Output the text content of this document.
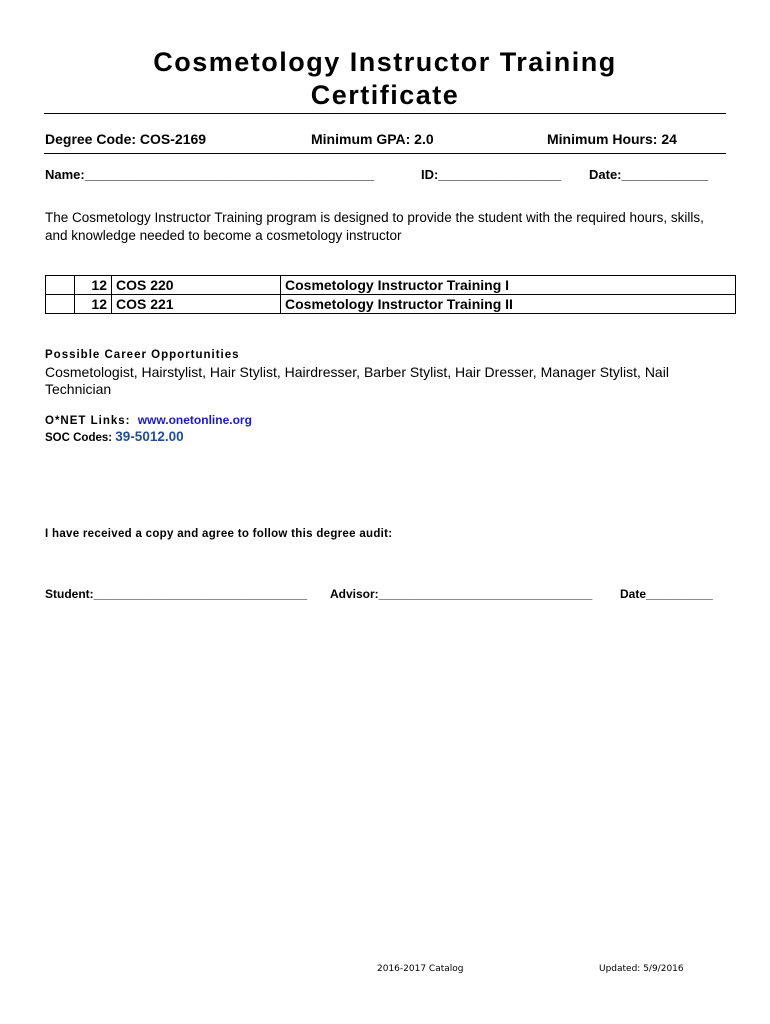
Cosmetology Instructor Training
Certificate
Degree Code: COS-2169	Minimum GPA: 2.0	Minimum Hours: 24
Name:________________________________________	ID:_________________ Date:____________
The Cosmetology Instructor Training program is designed to provide the student with the required hours, skills, and knowledge needed to become a cosmetology instructor
	12	COS 220	Cosmetology Instructor Training I
	12	COS 221	Cosmetology Instructor Training II
Possible Career Opportunities
Cosmetologist, Hairstylist, Hair Stylist, Hairdresser, Barber Stylist, Hair Dresser, Manager Stylist, Nail Technician
O*NET Links: www.onetonline.org
SOC Codes: 39-5012.00
I have received a copy and agree to follow this degree audit:
Student:________________________________ Advisor:________________________________ Date__________
2016-2017 Catalog	Updated: 5/9/2016
